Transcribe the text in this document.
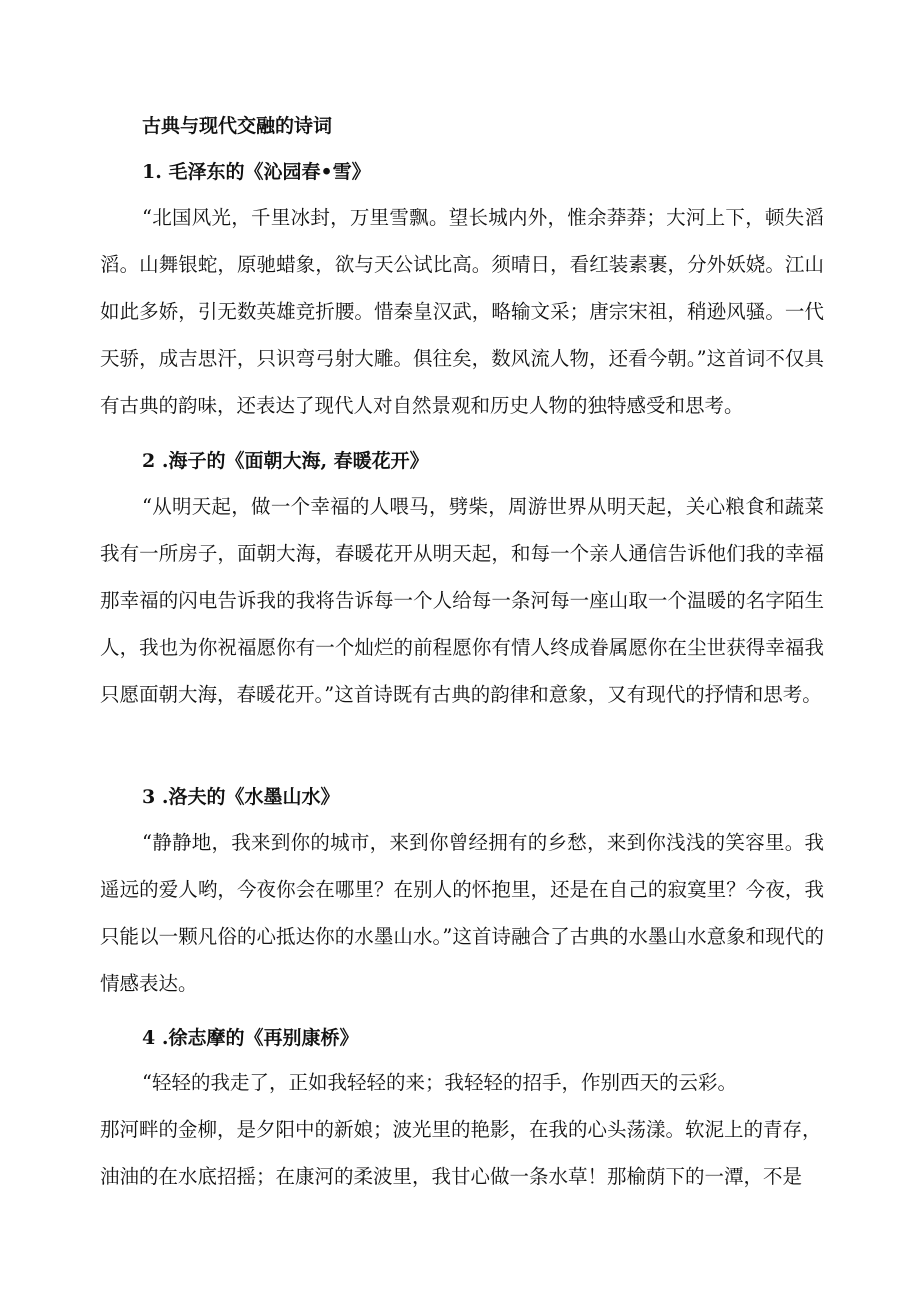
古典与现代交融的诗词
1. 毛泽东的《沁园春•雪》

“北国风光，千里冰封，万里雪飘。望长城内外，惟余莽莽；大河上下，顿失滔滔。山舞银蛇，原驰蜡象，欲与天公试比高。须晴日，看红装素裹，分外妖娆。江山如此多娇，引无数英雄竞折腰。惜秦皇汉武，略输文采；唐宗宋祖，稍逊风骚。一代天骄，成吉思汗，只识弯弓射大雕。俱往矣，数风流人物，还看今朝。”这首词不仅具有古典的韵味，还表达了现代人对自然景观和历史人物的独特感受和思考。

2 .海子的《面朝大海, 春暖花开》

“从明天起，做一个幸福的人喂马，劈柴，周游世界从明天起，关心粮食和蔬菜我有一所房子，面朝大海，春暖花开从明天起，和每一个亲人通信告诉他们我的幸福那幸福的闪电告诉我的我将告诉每一个人给每一条河每一座山取一个温暖的名字陌生人，我也为你祝福愿你有一个灿烂的前程愿你有情人终成眷属愿你在尘世获得幸福我只愿面朝大海，春暖花开。”这首诗既有古典的韵律和意象，又有现代的抒情和思考。

3 .洛夫的《水墨山水》

“静静地，我来到你的城市，来到你曾经拥有的乡愁，来到你浅浅的笑容里。我遥远的爱人哟，今夜你会在哪里？在别人的怀抱里，还是在自己的寂寞里？今夜，我只能以一颗凡俗的心抵达你的水墨山水。”这首诗融合了古典的水墨山水意象和现代的情感表达。

4 .徐志摩的《再别康桥》

“轻轻的我走了，正如我轻轻的来；我轻轻的招手，作别西天的云彩。

那河畔的金柳，是夕阳中的新娘；波光里的艳影，在我的心头荡漾。软泥上的青存，

油油的在水底招摇；在康河的柔波里，我甘心做一条水草！那榆荫下的一潭，不是
